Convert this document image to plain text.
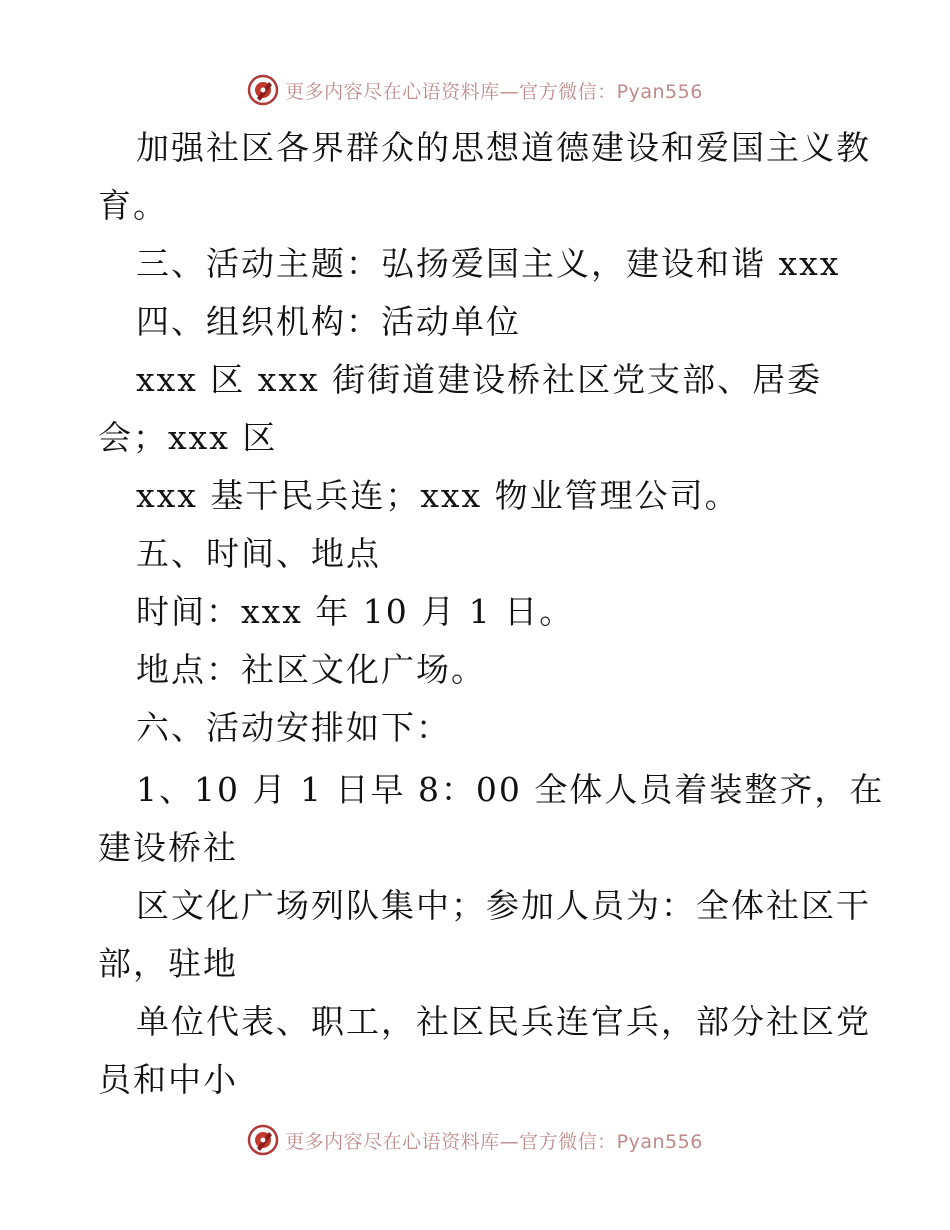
更多内容尽在心语资料库—官方微信：Pyan556
加强社区各界群众的思想道德建设和爱国主义教
育。
三、活动主题：弘扬爱国主义，建设和谐 xxx
四、组织机构：活动单位
xxx 区 xxx 街街道建设桥社区党支部、居委
会；xxx 区
xxx 基干民兵连；xxx 物业管理公司。
五、时间、地点
时间：xxx 年 10 月 1 日。
地点：社区文化广场。
六、活动安排如下：
1、10 月 1 日早 8：00 全体人员着装整齐，在
建设桥社
区文化广场列队集中；参加人员为：全体社区干
部，驻地
单位代表、职工，社区民兵连官兵，部分社区党
员和中小
更多内容尽在心语资料库—官方微信：Pyan556
